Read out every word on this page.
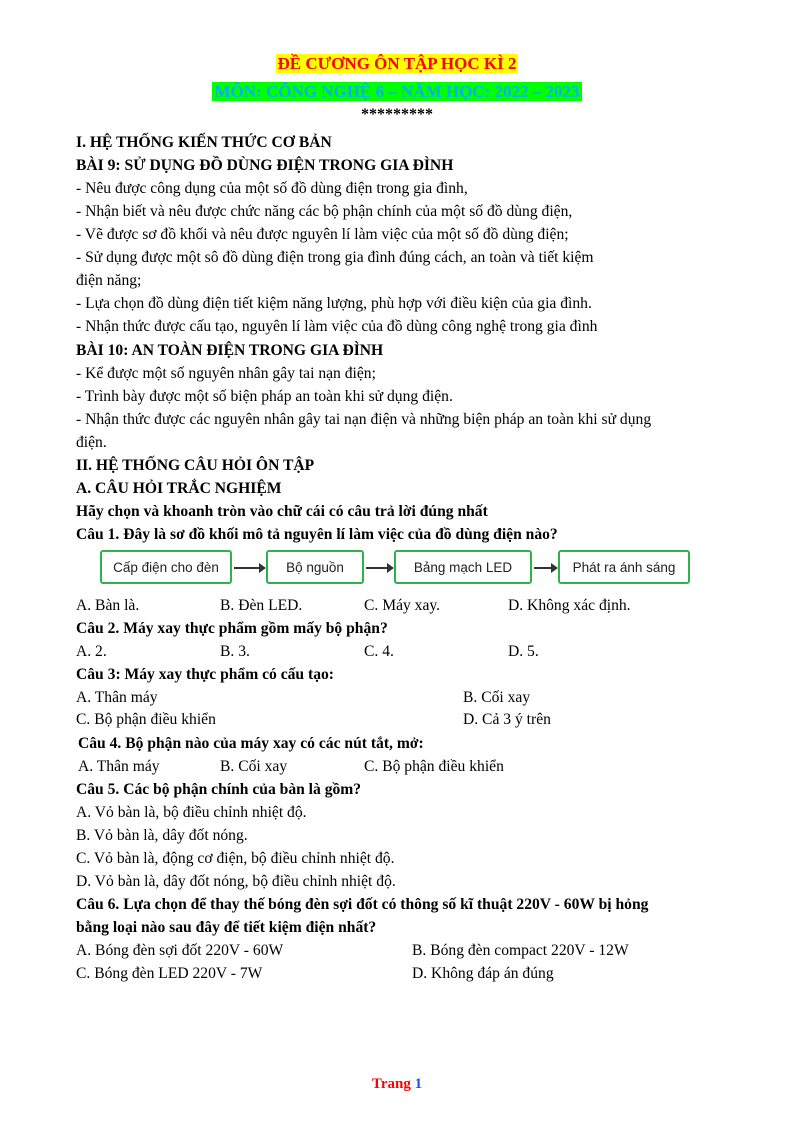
ĐỀ CƯƠNG ÔN TẬP HỌC KÌ 2
MÔN: CÔNG NGHỆ 6 – NĂM HỌC: 2022 – 2023
*********
I. HỆ THỐNG KIẾN THỨC CƠ BẢN
BÀI 9: SỬ DỤNG ĐỒ DÙNG ĐIỆN TRONG GIA ĐÌNH
- Nêu được công dụng của một số đồ dùng điện trong gia đình,
- Nhận biết và nêu được chức năng các bộ phận chính của một số đồ dùng điện,
- Vẽ được sơ đồ khối và nêu được nguyên lí làm việc của một số đồ dùng điện;
- Sử dụng được một sô đồ dùng điện trong gia đình đúng cách, an toàn và tiết kiệm
điện năng;
- Lựa chọn đồ dùng điện tiết kiệm năng lượng, phù hợp với điều kiện của gia đình.
- Nhận thức được cấu tạo, nguyên lí làm việc của đồ dùng công nghệ trong gia đình
BÀI 10: AN TOÀN ĐIỆN TRONG GIA ĐÌNH
- Kể được một số nguyên nhân gây tai nạn điện;
- Trình bày được một số biện pháp an toàn khi sử dụng điện.
- Nhận thức được các nguyên nhân gây tai nạn điện và những biện pháp an toàn khi sử dụng
điện.
II. HỆ THỐNG CÂU HỎI ÔN TẬP
A. CÂU HỎI TRẮC NGHIỆM
Hãy chọn và khoanh tròn vào chữ cái có câu trả lời đúng nhất
Câu 1. Đây là sơ đồ khối mô tả nguyên lí làm việc của đồ dùng điện nào?
Cấp điện cho đèn	Bộ nguồn	Bảng mạch LED	Phát ra ánh sáng
A. Bàn là.	B. Đèn LED.	C. Máy xay.	D. Không xác định.
Câu 2. Máy xay thực phẩm gồm mấy bộ phận?
A. 2.	B. 3.	C. 4.	D. 5.
Câu 3: Máy xay thực phẩm có cấu tạo:
A. Thân máy	B. Cối xay
C. Bộ phận điều khiển	D. Cả 3 ý trên
Câu 4. Bộ phận nào của máy xay có các nút tắt, mở:
A. Thân máy	B. Cối xay	C. Bộ phận điều khiển
Câu 5. Các bộ phận chính của bàn là gồm?
A. Vỏ bàn là, bộ điều chỉnh nhiệt độ.
B. Vỏ bàn là, dây đốt nóng.
C. Vỏ bàn là, động cơ điện, bộ điều chỉnh nhiệt độ.
D. Vỏ bàn là, dây đốt nóng, bộ điều chỉnh nhiệt độ.
Câu 6. Lựa chọn để thay thế bóng đèn sợi đốt có thông số kĩ thuật 220V - 60W bị hỏng
bằng loại nào sau đây để tiết kiệm điện nhất?
A. Bóng đèn sợi đốt 220V - 60W	B. Bóng đèn compact 220V - 12W
C. Bóng đèn LED 220V - 7W	D. Không đáp án đúng
Trang 1
